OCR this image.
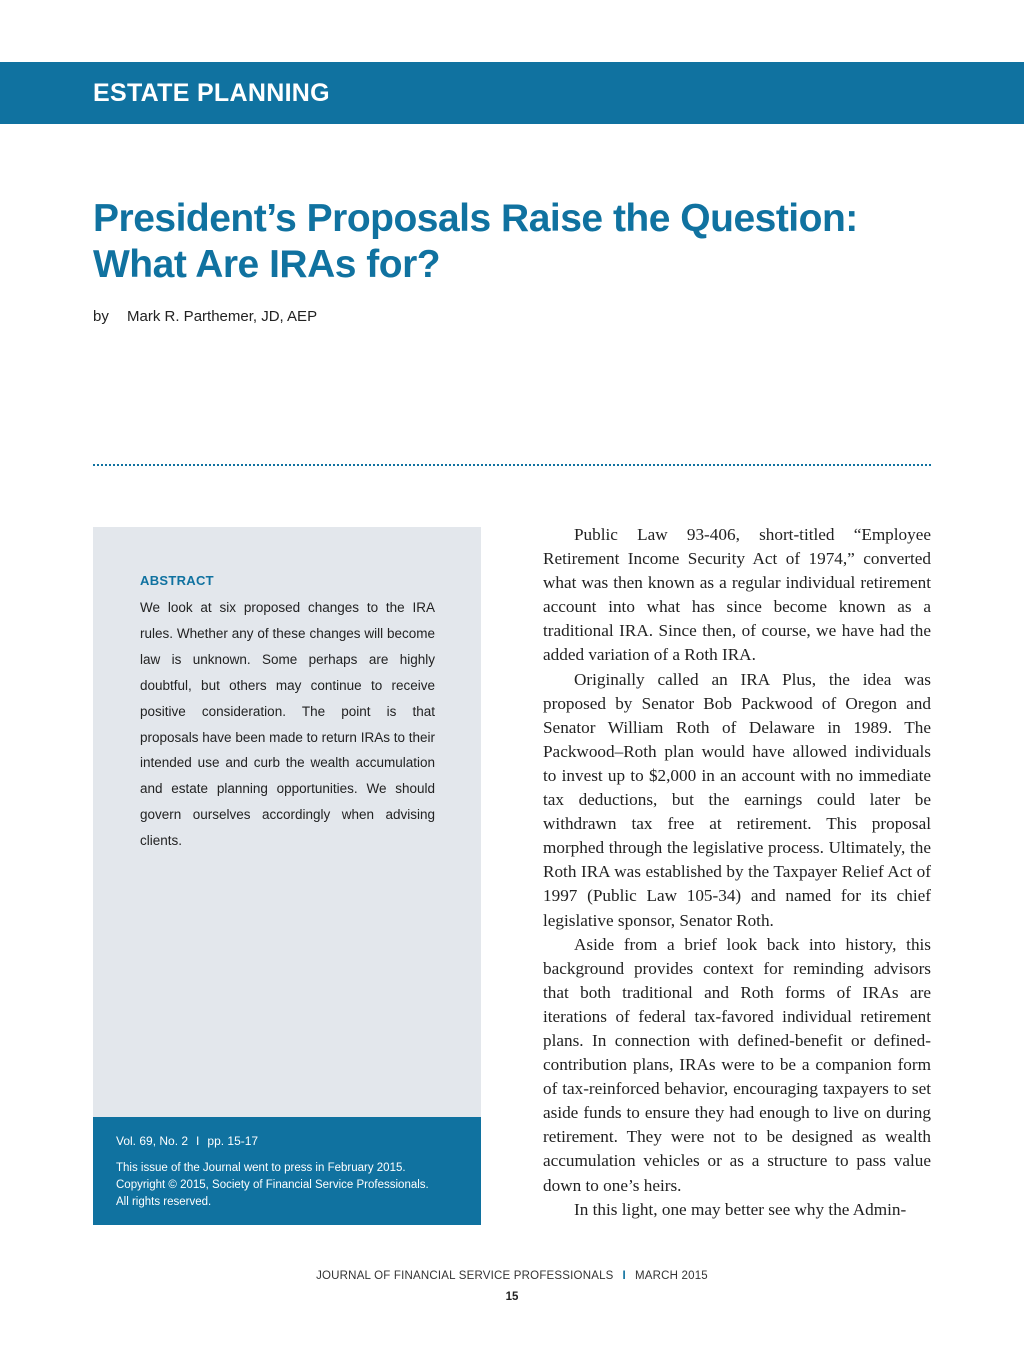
ESTATE PLANNING
President’s Proposals Raise the Question:
What Are IRAs for?
by Mark R. Parthemer, JD, AEP
ABSTRACT
We look at six proposed changes to the IRA rules. Whether any of these changes will become law is unknown. Some perhaps are highly doubtful, but others may continue to receive positive consideration. The point is that proposals have been made to return IRAs to their intended use and curb the wealth accumulation and estate planning opportunities. We should govern ourselves accordingly when advising clients.
Vol. 69, No. 2 I pp. 15-17
This issue of the Journal went to press in February 2015.
Copyright © 2015, Society of Financial Service Professionals.
All rights reserved.

Public Law 93-406, short-titled “Employee Retirement Income Security Act of 1974,” converted what was then known as a regular individual retirement account into what has since become known as a traditional IRA. Since then, of course, we have had the added variation of a Roth IRA.

Originally called an IRA Plus, the idea was proposed by Senator Bob Packwood of Oregon and Senator William Roth of Delaware in 1989. The Packwood–Roth plan would have allowed individuals to invest up to $2,000 in an account with no immediate tax deductions, but the earnings could later be withdrawn tax free at retirement. This proposal morphed through the legislative process. Ultimately, the Roth IRA was established by the Taxpayer Relief Act of 1997 (Public Law 105-34) and named for its chief legislative sponsor, Senator Roth.

Aside from a brief look back into history, this background provides context for reminding advisors that both traditional and Roth forms of IRAs are iterations of federal tax-favored individual retirement plans. In connection with defined-benefit or defined-contribution plans, IRAs were to be a companion form of tax-reinforced behavior, encouraging taxpayers to set aside funds to ensure they had enough to live on during retirement. They were not to be designed as wealth accumulation vehicles or as a structure to pass value down to one’s heirs.

In this light, one may better see why the Admin-

JOURNAL OF FINANCIAL SERVICE PROFESSIONALS I MARCH 2015
15
